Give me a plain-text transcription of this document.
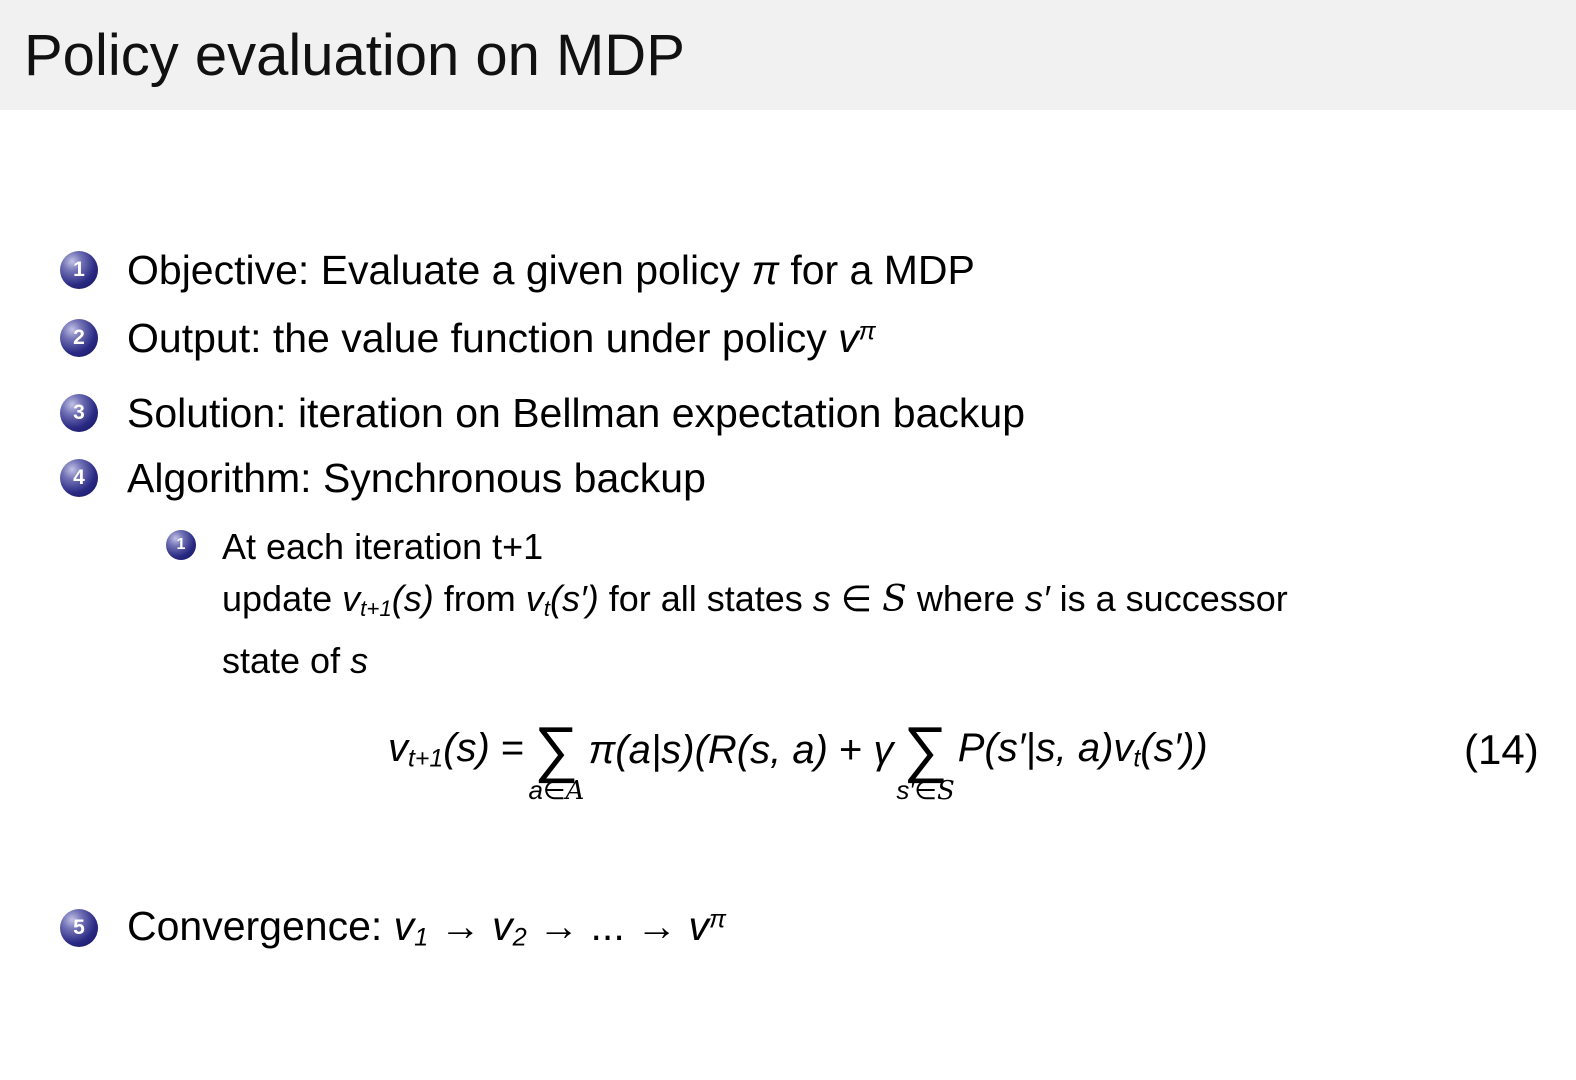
Policy evaluation on MDP
1	Objective: Evaluate a given policy π for a MDP
2	Output: the value function under policy $v^\pi$
3	Solution: iteration on Bellman expectation backup
4	Algorithm: Synchronous backup
1 At each iteration t+1
update vt+1(s) from vt(s′) for all states s ∈ S where s′ is a successor
state of s
vt+1(s) = ∑
a∈A
π(a|s)(R(s, a) + γ ∑
s′∈S
P(s′|s, a)vt(s′))	(14)
5	Convergence: v1 → v2 → ... → $v^\pi$
